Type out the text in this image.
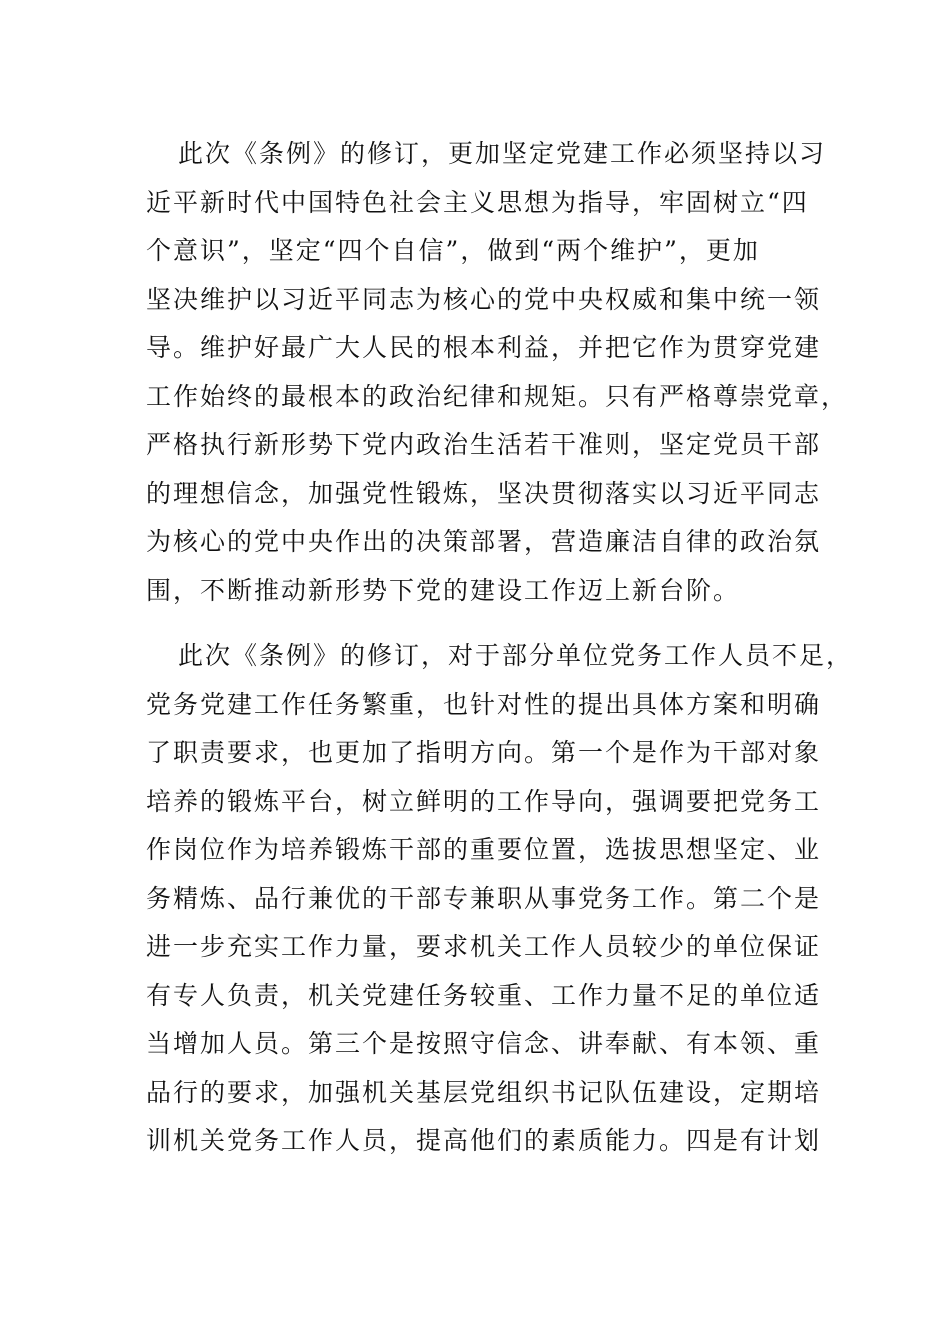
此次《条例》的修订，更加坚定党建工作必须坚持以习
近平新时代中国特色社会主义思想为指导，牢固树立“四
个意识”，坚定“四个自信”，做到“两个维护”，更加
坚决维护以习近平同志为核心的党中央权威和集中统一领
导。维护好最广大人民的根本利益，并把它作为贯穿党建
工作始终的最根本的政治纪律和规矩。只有严格尊崇党章，
严格执行新形势下党内政治生活若干准则，坚定党员干部
的理想信念，加强党性锻炼，坚决贯彻落实以习近平同志
为核心的党中央作出的决策部署，营造廉洁自律的政治氛
围，不断推动新形势下党的建设工作迈上新台阶。
此次《条例》的修订，对于部分单位党务工作人员不足，
党务党建工作任务繁重，也针对性的提出具体方案和明确
了职责要求，也更加了指明方向。第一个是作为干部对象
培养的锻炼平台，树立鲜明的工作导向，强调要把党务工
作岗位作为培养锻炼干部的重要位置，选拔思想坚定、业
务精炼、品行兼优的干部专兼职从事党务工作。第二个是
进一步充实工作力量，要求机关工作人员较少的单位保证
有专人负责，机关党建任务较重、工作力量不足的单位适
当增加人员。第三个是按照守信念、讲奉献、有本领、重
品行的要求，加强机关基层党组织书记队伍建设，定期培
训机关党务工作人员，提高他们的素质能力。四是有计划
